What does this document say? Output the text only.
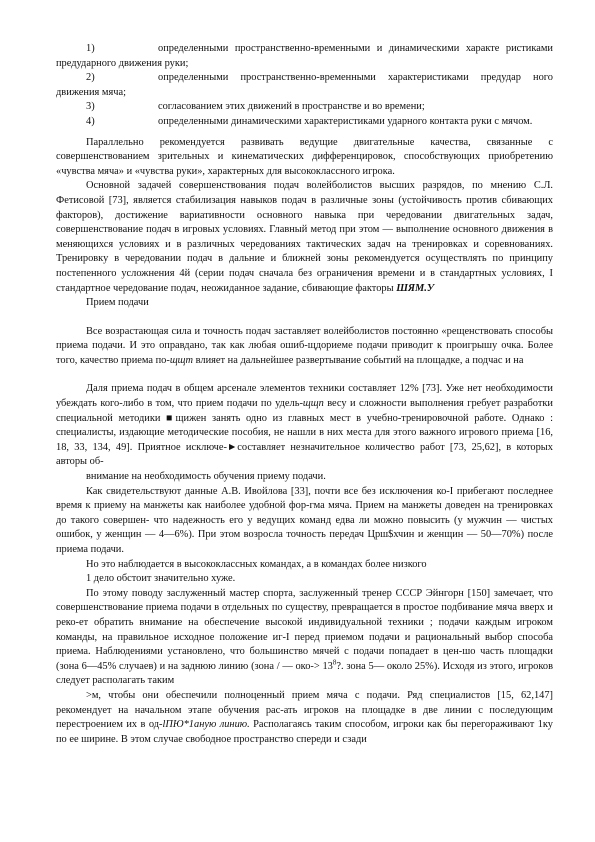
1)	определенными пространственно-временными и динамическими характе ристиками предударного движения руки;

2)	определенными пространственно-временными характеристиками предудар ного движения мяча;

3)	согласованием этих движений в пространстве и во времени;

4)	определенными динамическими характеристиками ударного контакта руки с мячом.

Параллельно рекомендуется развивать ведущие двигательные качества, связанные с совершенствованием зрительных и кинематических дифференцировок, способствующих приобретению «чувства мяча» и «чувства руки», характерных для высококлассного игрока.

Основной задачей совершенствования подач волейболистов высших разрядов, по мнению С.Л. Фетисовой [73], является стабилизация навыков подач в различные зоны (устойчивость против сбивающих факторов), достижение вариативности основного навыка при чередовании двигательных задач, совершенствование подач в игровых условиях. Главный метод при этом — выполнение основного движения в меняющихся условиях и в различных чередованиях тактических задач на тренировках и соревнованиях. Тренировку в чередовании подач в дальние и ближней зоны рекомендуется осуществлять по принципу постепенного усложнения 4й (серии подач сначала без ограничения времени и в стандартных условиях, I стандартное чередование подач, неожиданное задание, сбивающие факторы ШЯМ.У

Прием подачи

Все возрастающая сила и точность подач заставляет волейболистов постоянно «рещенствовать способы приема подачи. И это оправдано, так как любая ошиб-щдориеме подачи приводит к проигрышу очка. Более того, качество приема по-щщт влияет на дальнейшее развертывание событий на площадке, а подчас и на

Даля приема подач в общем арсенале элементов техники составляет 12% [73]. Уже нет необходимости убеждать кого-либо в том, что прием подачи по удель-щщп весу и сложности выполнения гребует разработки специальной методики ■щижен занять одно из главных мест в учебно-тренировочной работе. Однако : специалисты, издающие методические пособия, не нашли в них места для этого важного игрового приема [16, 18, 33, 134, 49]. Приятное исключе-►составляет незначительное количество работ [73, 25,62], в которых авторы об-

внимание на необходимость обучения приему подачи.

Как свидетельствуют данные А.В. Ивойлова [33], почти все без исключения ко-I прибегают последнее время к приему на манжеты как наиболее удобной фор-гма мяча. Прием на манжеты доведен на тренировках до такого совершен- что надежность его у ведущих команд едва ли можно повысить (у мужчин — чистых ошибок, у женщин — 4—6%). При этом возросла точность передач Црш$хчин и женщин — 50—70%) после приема подачи.

Но это наблюдается в высококлассных командах, а в командах более низкого

1 дело обстоит значительно хуже.

По этому поводу заслуженный мастер спорта, заслуженный тренер СССР Эйнгорн [150] замечает, что совершенствование приема подачи в отдельных по существу, превращается в простое подбивание мяча вверх и реко-ет обратить внимание на обеспечение высокой индивидуальной техники ; подачи каждым игроком команды, на правильное исходное положение иг-I перед приемом подачи и рациональный выбор способа приема. Наблюдениями установлено, что большинство мячей с подачи попадает в цен-шо часть площадки (зона 6—45% случаев) и на заднюю линию (зона / — $око-> 13^8$?. зона 5— около 25%). Исходя из этого, игроков следует располагать таким

>м, чтобы они обеспечили полноценный прием мяча с подачи. Ряд специалистов [15, 62,147] рекомендует на начальном этапе обучения рас-ать игроков на площадке в две линии с последующим перестроением их в од-lПЮ*1аную линию. Располагаясь таким способом, игроки как бы перегораживают 1ку по ее ширине. В этом случае свободное пространство спереди и сзади
